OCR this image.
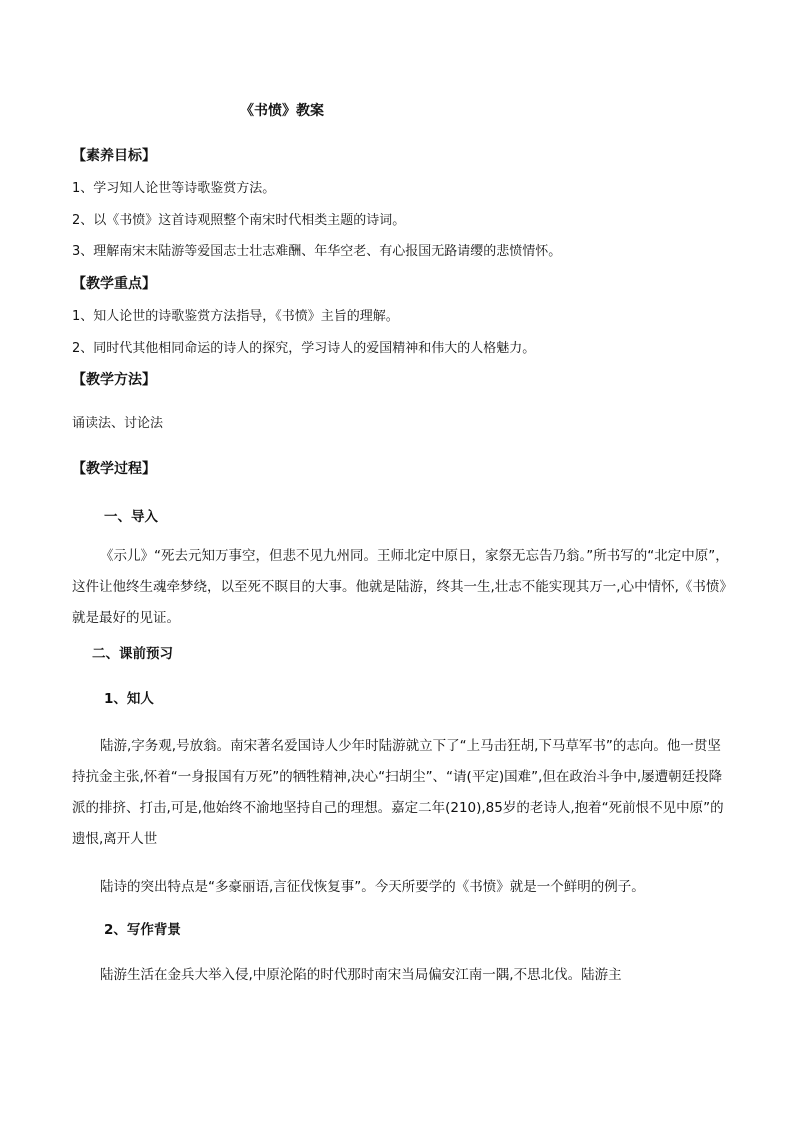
《书愤》教案
【素养目标】
1、学习知人论世等诗歌鉴赏方法。
2、以《书愤》这首诗观照整个南宋时代相类主题的诗词。
3、理解南宋末陆游等爱国志士壮志难酬、年华空老、有心报国无路请缨的悲愤情怀。
【教学重点】
1、知人论世的诗歌鉴赏方法指导，《书愤》主旨的理解。
2、同时代其他相同命运的诗人的探究，学习诗人的爱国精神和伟大的人格魅力。
【教学方法】
诵读法、讨论法
【教学过程】
一、导入
《示儿》“死去元知万事空，但悲不见九州同。王师北定中原日，家祭无忘告乃翁。”所书写的“北定中原”，这件让他终生魂牵梦绕，以至死不瞑目的大事。他就是陆游，终其一生,壮志不能实现其万一,心中情怀,《书愤》就是最好的见证。
二、课前预习
1、知人
陆游,字务观,号放翁。南宋著名爱国诗人少年时陆游就立下了“上马击狂胡,下马草军书”的志向。他一贯坚持抗金主张,怀着“一身报国有万死”的牺牲精神,决心“扫胡尘”、“请(平定)国难”,但在政治斗争中,屡遭朝廷投降派的排挤、打击,可是,他始终不渝地坚持自己的理想。嘉定二年(210),85岁的老诗人,抱着“死前恨不见中原”的遗恨,离开人世
陆诗的突出特点是“多豪丽语,言征伐恢复事”。今天所要学的《书愤》就是一个鲜明的例子。
2、写作背景
陆游生活在金兵大举入侵,中原沦陷的时代那时南宋当局偏安江南一隅,不思北伐。陆游主
